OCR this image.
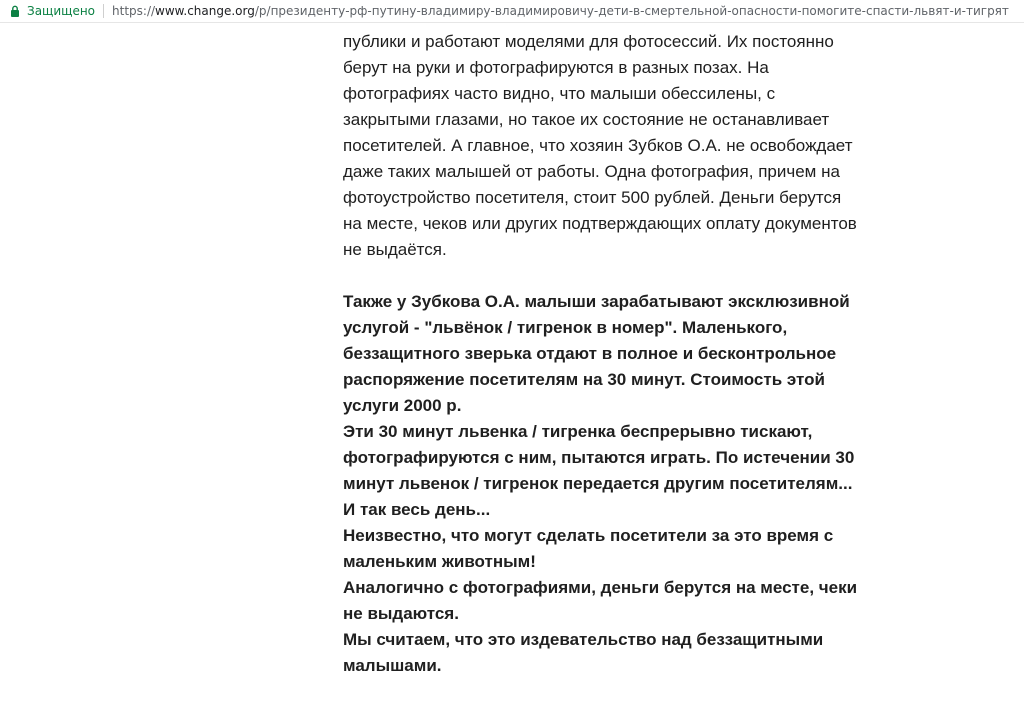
Защищено https://www.change.org/p/президенту-рф-путину-владимиру-владимировичу-дети-в-смертельной-опасности-помогите-спасти-львят-и-тигрят

публики и работают моделями для фотосессий. Их постоянно берут на руки и фотографируются в разных позах. На фотографиях часто видно, что малыши обессилены, с закрытыми глазами, но такое их состояние не останавливает посетителей. А главное, что хозяин Зубков О.А. не освобождает даже таких малышей от работы. Одна фотография, причем на фотоустройство посетителя, стоит 500 рублей. Деньги берутся на месте, чеков или других подтверждающих оплату документов не выдаётся.

Также у Зубкова О.А. малыши зарабатывают эксклюзивной услугой - "львёнок / тигренок в номер". Маленького, беззащитного зверька отдают в полное и бесконтрольное распоряжение посетителям на 30 минут. Стоимость этой услуги 2000 р.

Эти 30 минут львенка / тигренка беспрерывно тискают, фотографируются с ним, пытаются играть. По истечении 30 минут львенок / тигренок передается другим посетителям... И так весь день...

Неизвестно, что могут сделать посетители за это время с маленьким животным!

Аналогично с фотографиями, деньги берутся на месте, чеки не выдаются.

Мы считаем, что это издевательство над беззащитными малышами.
